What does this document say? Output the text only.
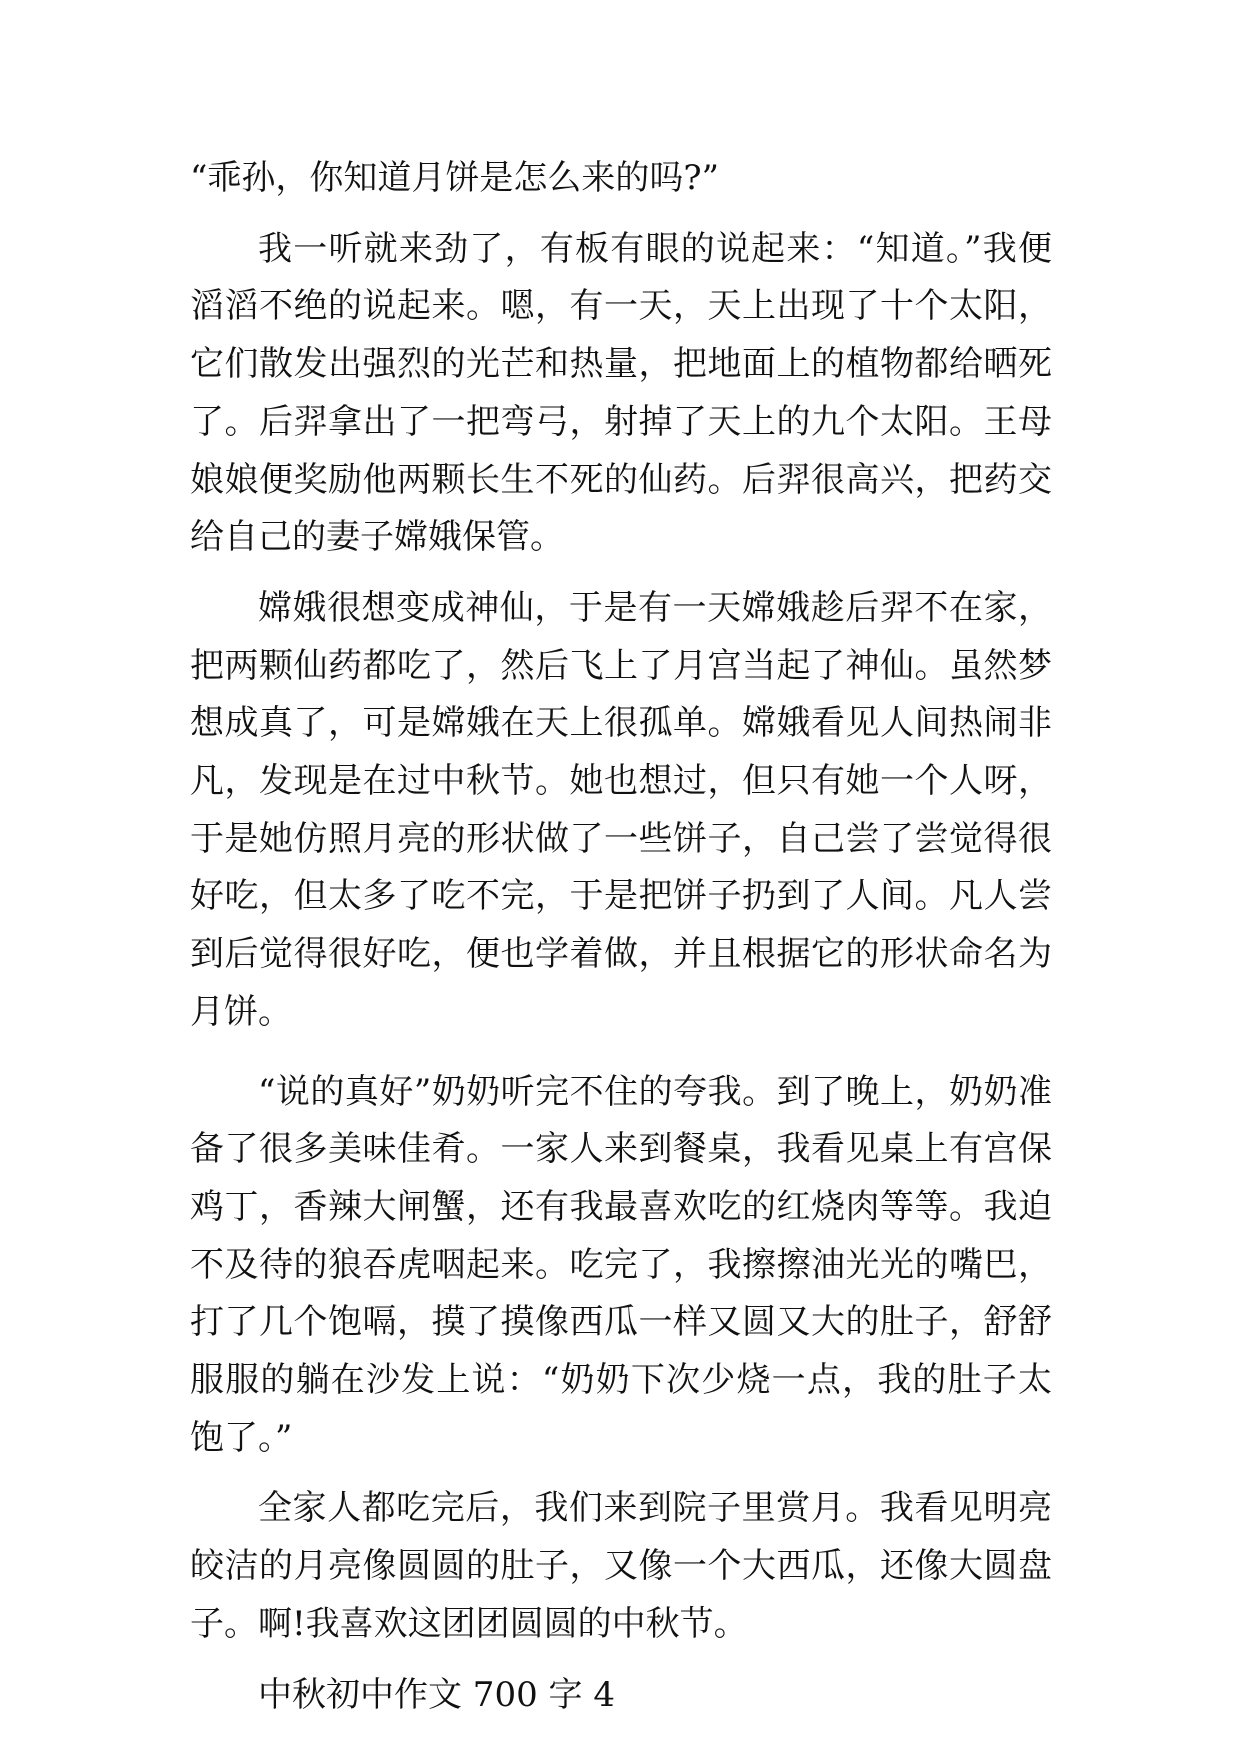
“乖孙，你知道月饼是怎么来的吗?”

我一听就来劲了，有板有眼的说起来：“知道。”我便滔滔不绝的说起来。嗯，有一天，天上出现了十个太阳，它们散发出强烈的光芒和热量，把地面上的植物都给晒死了。后羿拿出了一把弯弓，射掉了天上的九个太阳。王母娘娘便奖励他两颗长生不死的仙药。后羿很高兴，把药交给自己的妻子嫦娥保管。

嫦娥很想变成神仙，于是有一天嫦娥趁后羿不在家，把两颗仙药都吃了，然后飞上了月宫当起了神仙。虽然梦想成真了，可是嫦娥在天上很孤单。嫦娥看见人间热闹非凡，发现是在过中秋节。她也想过，但只有她一个人呀，于是她仿照月亮的形状做了一些饼子，自己尝了尝觉得很好吃，但太多了吃不完，于是把饼子扔到了人间。凡人尝到后觉得很好吃，便也学着做，并且根据它的形状命名为月饼。

“说的真好”奶奶听完不住的夸我。到了晚上，奶奶准备了很多美味佳肴。一家人来到餐桌，我看见桌上有宫保鸡丁，香辣大闸蟹，还有我最喜欢吃的红烧肉等等。我迫不及待的狼吞虎咽起来。吃完了，我擦擦油光光的嘴巴，打了几个饱嗝，摸了摸像西瓜一样又圆又大的肚子，舒舒服服的躺在沙发上说：“奶奶下次少烧一点，我的肚子太饱了。”

全家人都吃完后，我们来到院子里赏月。我看见明亮皎洁的月亮像圆圆的肚子，又像一个大西瓜，还像大圆盘子。啊!我喜欢这团团圆圆的中秋节。

中秋初中作文 700 字 4
